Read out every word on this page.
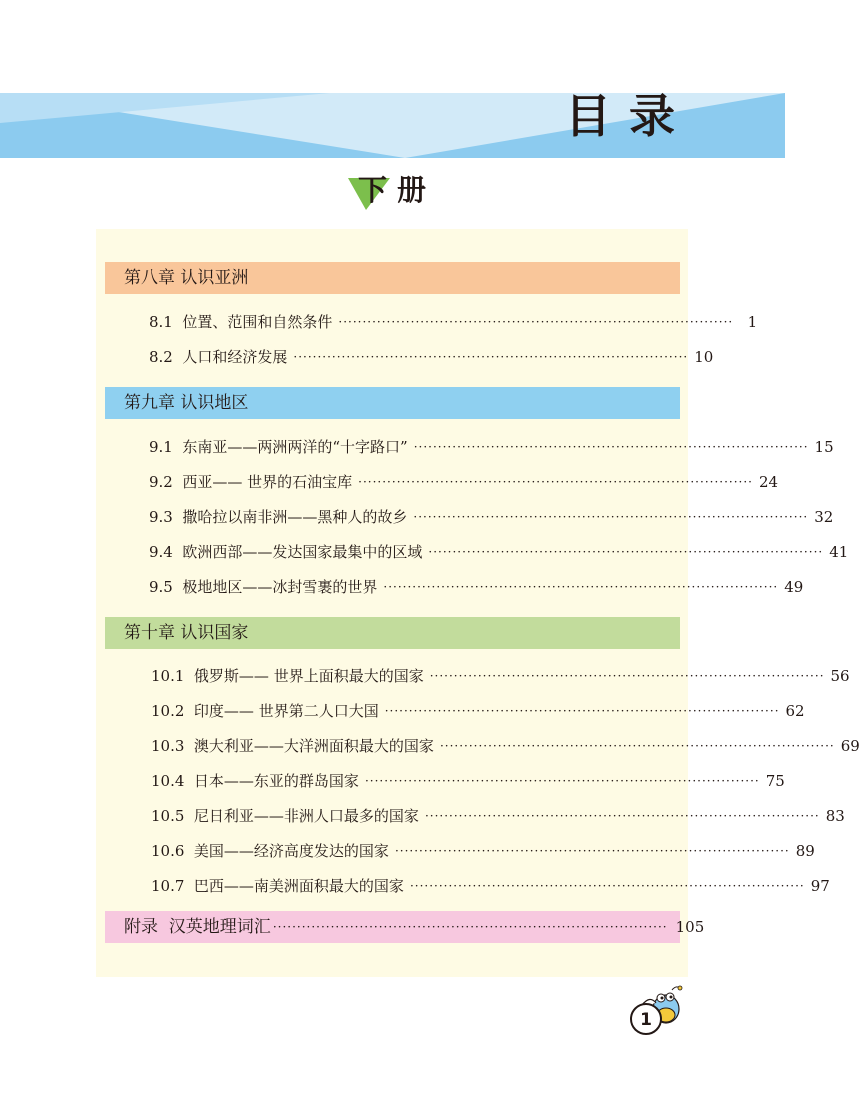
目录
下册
第八章 认识亚洲
8.1  位置、范围和自然条件 ·················································································· 1
8.2  人口和经济发展 ·················································································· 10
第九章 认识地区
9.1  东南亚——两洲两洋的“十字路口” ·················································································· 15
9.2  西亚—— 世界的石油宝库 ·················································································· 24
9.3  撒哈拉以南非洲——黑种人的故乡 ·················································································· 32
9.4  欧洲西部——发达国家最集中的区域 ·················································································· 41
9.5  极地地区——冰封雪裹的世界 ·················································································· 49
第十章 认识国家
10.1  俄罗斯—— 世界上面积最大的国家 ·················································································· 56
10.2  印度—— 世界第二人口大国 ·················································································· 62
10.3  澳大利亚——大洋洲面积最大的国家 ·················································································· 69
10.4  日本——东亚的群岛国家 ·················································································· 75
10.5  尼日利亚——非洲人口最多的国家 ·················································································· 83
10.6  美国——经济高度发达的国家 ·················································································· 89
10.7  巴西——南美洲面积最大的国家 ·················································································· 97
附录  汉英地理词汇 ·················································································· 105
1
